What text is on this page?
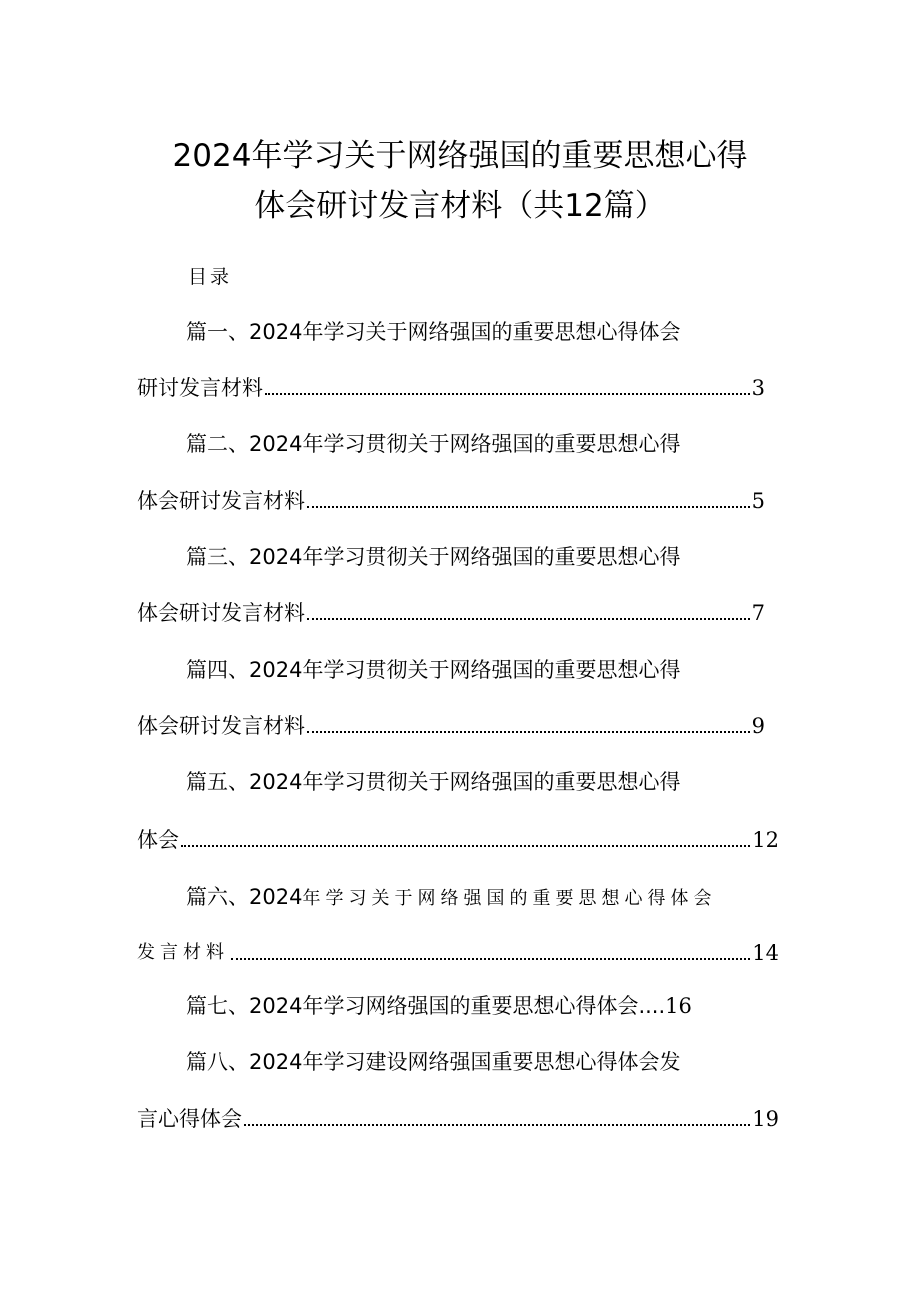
2024年学习关于网络强国的重要思想心得
体会研讨发言材料（共12篇）
目录
篇一、2024年学习关于网络强国的重要思想心得体会
研讨发言材料	3
篇二、2024年学习贯彻关于网络强国的重要思想心得
体会研讨发言材料	5
篇三、2024年学习贯彻关于网络强国的重要思想心得
体会研讨发言材料	7
篇四、2024年学习贯彻关于网络强国的重要思想心得
体会研讨发言材料	9
篇五、2024年学习贯彻关于网络强国的重要思想心得
体会	12
篇六、2024年学习关于网络强国的重要思想心得体会
发言材料	14
篇七、2024年学习网络强国的重要思想心得体会....16
篇八、2024年学习建设网络强国重要思想心得体会发
言心得体会	19
